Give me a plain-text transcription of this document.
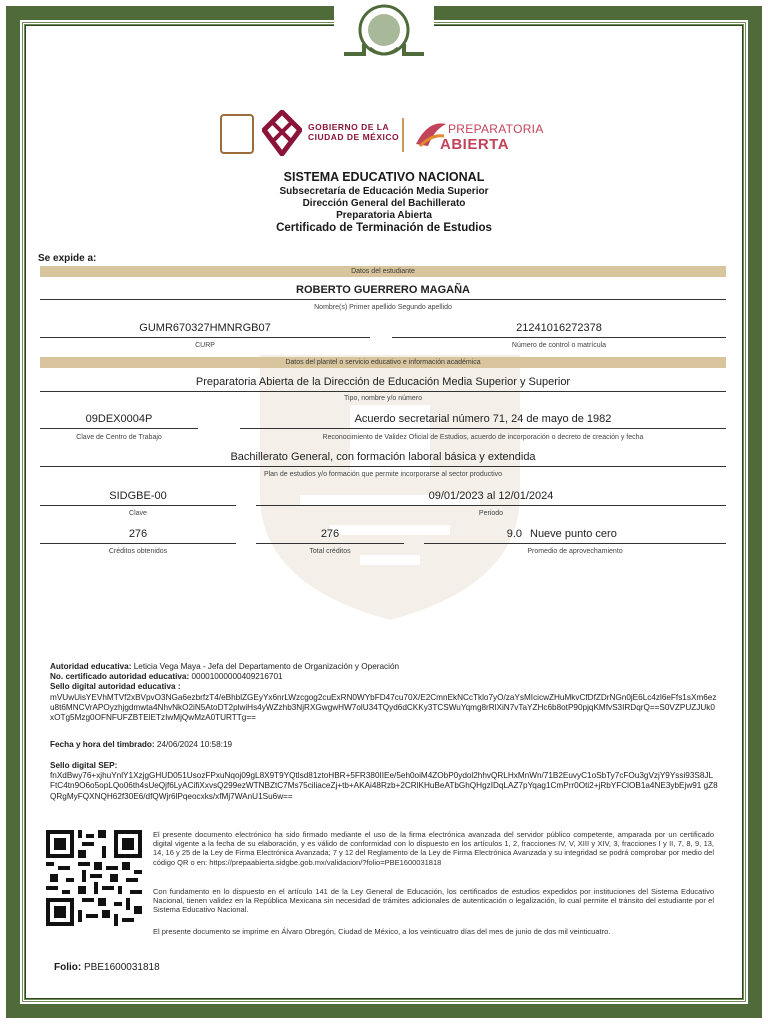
GOBIERNO DE LA
CIUDAD DE MÉXICO
PREPARATORIA
ABIERTA
SISTEMA EDUCATIVO NACIONAL
Subsecretaría de Educación Media Superior
Dirección General del Bachillerato
Preparatoria Abierta
Certificado de Terminación de Estudios
Se expide a:
Datos del estudiante
ROBERTO GUERRERO MAGAÑA
Nombre(s) Primer apellido Segundo apellido
GUMR670327HMNRGB07
CURP
21241016272378
Número de control o matrícula
Datos del plantel o servicio educativo e información académica
Preparatoria Abierta de la Dirección de Educación Media Superior y Superior
Tipo, nombre y/o número
09DEX0004P
Clave de Centro de Trabajo
Acuerdo secretarial número 71, 24 de mayo de 1982
Reconocimiento de Validez Oficial de Estudios, acuerdo de incorporación o decreto de creación y fecha
Bachillerato General, con formación laboral básica y extendida
Plan de estudios y/o formación que permite incorporarse al sector productivo
SIDGBE-00
Clave
09/01/2023 al 12/01/2024
Periodo
276
Créditos obtenidos
276
Total créditos
9.0 Nueve punto cero
Promedio de aprovechamiento
Autoridad educativa: Leticia Vega Maya - Jefa del Departamento de Organización y Operación
No. certificado autoridad educativa: 00001000000409216701
Sello digital autoridad educativa :
mVUwUisYEVhMTVf2xBVpvO3NGa6ezbrfzT4/eBhblZGEyYx6nrLWzcgog2cuExRN0WYbFD47cu70X/E2CmnEkNCcTklo7yO/zaYsMIcicwZHuMkvCfDfZDrNGn0jE6Lc4zl6eFfs1sXm6ezu8t6MNCVrAPOyzhjgdmwta4NhvNkO2iN5AtoDT2plwiHs4yWZzhb3NjRXGwgwHW7olU34TQyd6dCKKy3TCSWuYqmg8rRlXiN7vTaYZHc6b8otP90pjqKMfvS3IRDqrQ==S0VZPUZJUk0xOTg5Mzg0OFNFUFZBTElETzIwMjQwMzA0TURTTg==
Fecha y hora del timbrado: 24/06/2024 10:58:19
Sello digital SEP:
fnXdBwy76+xjhuYnlY1XzjgGHUD051UsozFPxuNqoj09gL8X9T9YQtlsd81ztoHBR+5FR380IIEe/5eh0oiM4ZObP0ydol2hhvQRLHxMnWn/71B2EuvyC1oSbTy7cFOu3gVzjY9Yssi93S8JLFtC4tn9O6o5opLQo06th4sUeQjf6LyACifiXxvsQ299ezWTNBZtC7Ms75ciliaceZj+tb+AKAi48Rzb+2CRlKHuBeATbGhQHgzIDqLAZ7pYqag1CmPrr0Oti2+jRbYFClOB1a4NE3ybEjw91 gZ8QRgMyFQXNQH62f30E6/dfQWjr6lPqeocxks/xfMj7WAnU1Su6w==
El presente documento electrónico ha sido firmado mediante el uso de la firma electrónica avanzada del servidor público competente, amparada por un certificado digital vigente a la fecha de su elaboración, y es válido de conformidad con lo dispuesto en los artículos 1, 2, fracciones IV, V, XIII y XIV, 3, fracciones I y II, 7, 8, 9, 13, 14, 16 y 25 de la Ley de Firma Electrónica Avanzada; 7 y 12 del Reglamento de la Ley de Firma Electrónica Avanzada y su integridad se podrá comprobar por medio del código QR o en: https://prepaabierta.sidgbe.gob.mx/validacion/?folio=PBE1600031818
Con fundamento en lo dispuesto en el artículo 141 de la Ley General de Educación, los certificados de estudios expedidos por instituciones del Sistema Educativo Nacional, tienen validez en la República Mexicana sin necesidad de trámites adicionales de autenticación o legalización, lo cual permite el tránsito del estudiante por el Sistema Educativo Nacional.
El presente documento se imprime en Álvaro Obregón, Ciudad de México, a los veinticuatro días del mes de junio de dos mil veinticuatro.
Folio: PBE1600031818
